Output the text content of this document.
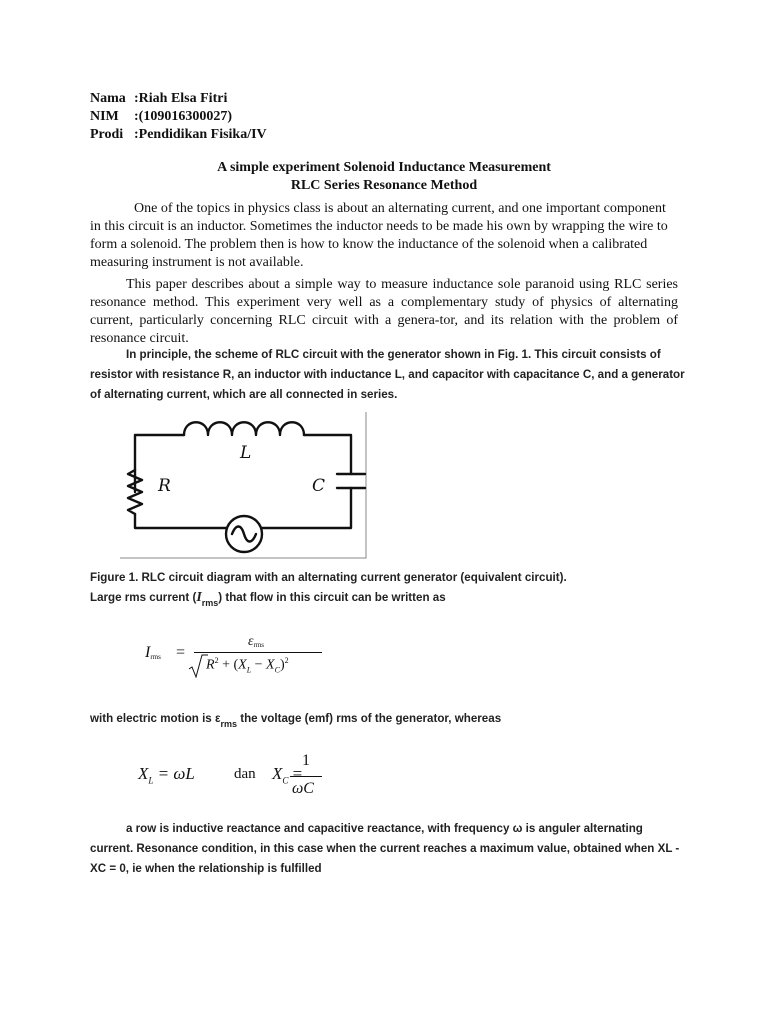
Nama :Riah Elsa Fitri
NIM :(109016300027)
Prodi :Pendidikan Fisika/IV
A simple experiment Solenoid Inductance Measurement
RLC Series Resonance Method
One of the topics in physics class is about an alternating current, and one important component in this circuit is an inductor. Sometimes the inductor needs to be made his own by wrapping the wire to form a solenoid. The problem then is how to know the inductance of the solenoid when a calibrated measuring instrument is not available.
This paper describes about a simple way to measure inductance sole paranoid using RLC series resonance method. This experiment very well as a complementary study of physics of alternating current, particularly concerning RLC circuit with a genera-tor, and its relation with the problem of resonance circuit.
In principle, the scheme of RLC circuit with the generator shown in Fig. 1. This circuit consists of resistor with resistance R, an inductor with inductance L, and capacitor with capacitance C, and a generator of alternating current, which are all connected in series.
L
R	C
Figure 1. RLC circuit diagram with an alternating current generator (equivalent circuit).
Large rms current $(I_{rms})$ that flow in this circuit can be written as
$I_{rms}$ =
$\varepsilon_{rms}$
$R^2 + (X_L - X_C)^2$
with electric motion is $\varepsilon_{rms}$ the voltage (emf) rms of the generator, whereas
$X_L = \omega L$	dan $X_C$ =
1
ωC
a row is inductive reactance and capacitive reactance, with frequency ω is anguler alternating current. Resonance condition, in this case when the current reaches a maximum value, obtained when XL - XC = 0, ie when the relationship is fulfilled
